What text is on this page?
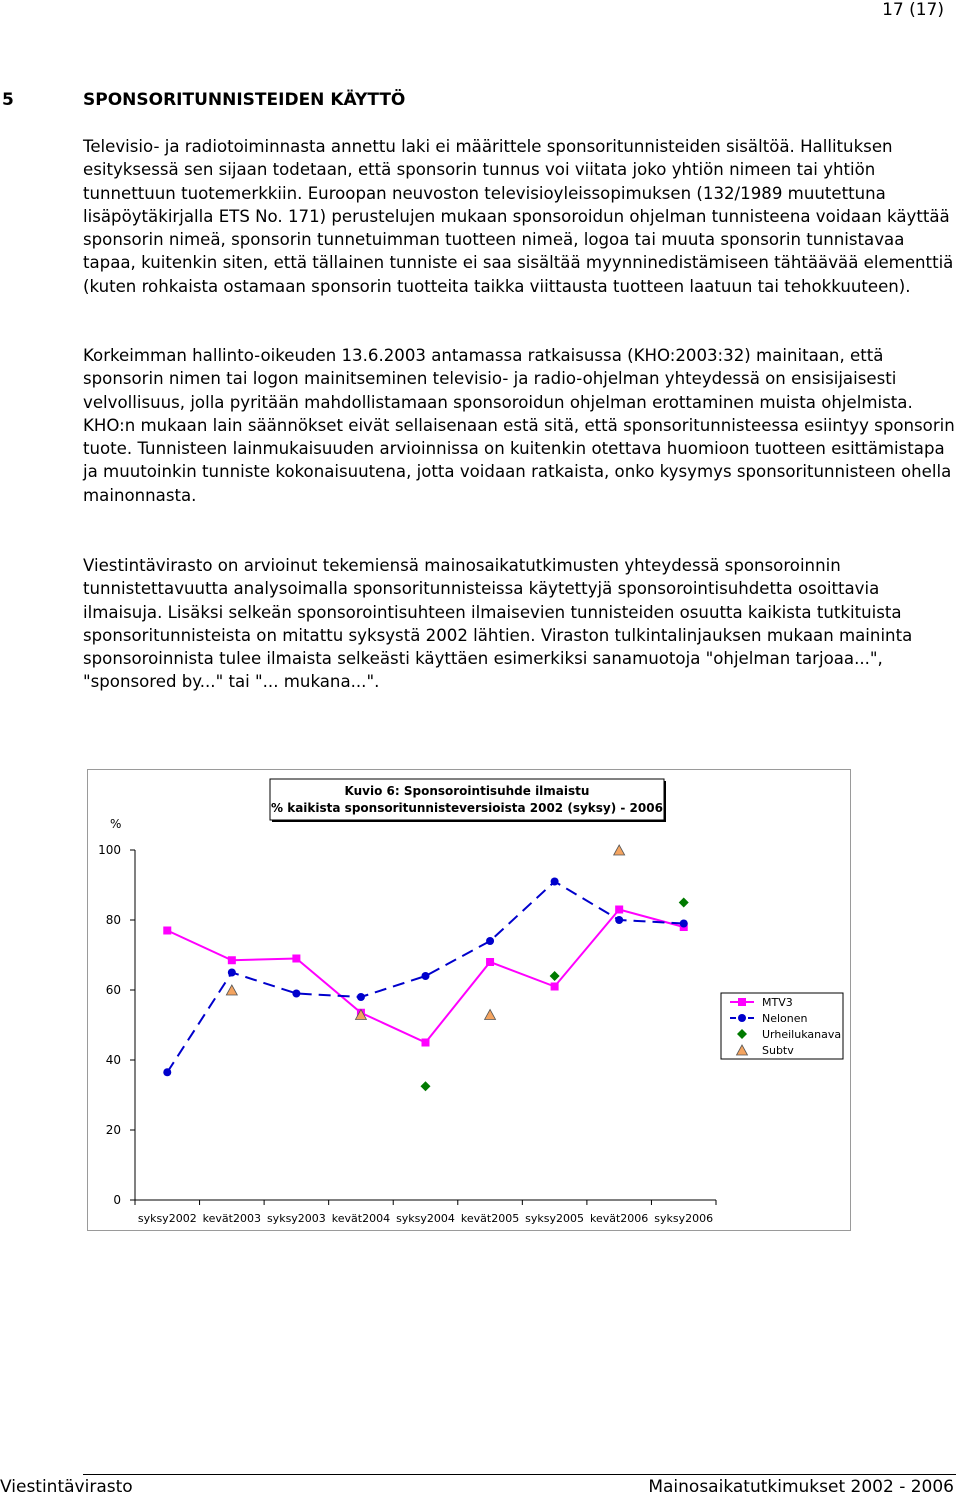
17 (17)
5	SPONSORITUNNISTEIDEN KÄYTTÖ
Televisio- ja radiotoiminnasta annettu laki ei määrittele sponsoritunnisteiden sisältöä. Hallituksen esityksessä sen sijaan todetaan, että sponsorin tunnus voi viitata joko yhtiön nimeen tai yhtiön tunnettuun tuotemerkkiin. Euroopan neuvoston televisioyleissopimuksen (132/1989 muutettuna lisäpöytäkirjalla ETS No. 171) perustelujen mukaan sponsoroidun ohjelman tunnisteena voidaan käyttää sponsorin nimeä, sponsorin tunnetuimman tuotteen nimeä, logoa tai muuta sponsorin tunnistavaa tapaa, kuitenkin siten, että tällainen tunniste ei saa sisältää myynninedistämiseen tähtäävää elementtiä (kuten rohkaista ostamaan sponsorin tuotteita taikka viittausta tuotteen laatuun tai tehokkuuteen).
Korkeimman hallinto-oikeuden 13.6.2003 antamassa ratkaisussa (KHO:2003:32) mainitaan, että sponsorin nimen tai logon mainitseminen televisio- ja radio-ohjelman yhteydessä on ensisijaisesti velvollisuus, jolla pyritään mahdollistamaan sponsoroidun ohjelman erottaminen muista ohjelmista. KHO:n mukaan lain säännökset eivät sellaisenaan estä sitä, että sponsoritunnisteessa esiintyy sponsorin tuote. Tunnisteen lainmukaisuuden arvioinnissa on kuitenkin otettava huomioon tuotteen esittämistapa ja muutoinkin tunniste kokonaisuutena, jotta voidaan ratkaista, onko kysymys sponsoritunnisteen ohella mainonnasta.
Viestintävirasto on arvioinut tekemiensä mainosaikatutkimusten yhteydessä sponsoroinnin tunnistettavuutta analysoimalla sponsoritunnisteissa käytettyjä sponsorointisuhdetta osoittavia ilmaisuja. Lisäksi selkeän sponsorointisuhteen ilmaisevien tunnisteiden osuutta kaikista tutkituista sponsoritunnisteista on mitattu syksystä 2002 lähtien. Viraston tulkintalinjauksen mukaan maininta sponsoroinnista tulee ilmaista selkeästi käyttäen esimerkiksi sanamuotoja "ohjelman tarjoaa...", "sponsored by..." tai "... mukana...".
Kuvio 6: Sponsorointisuhde ilmaistu
% kaikista sponsoritunnisteversioista 2002 (syksy) - 2006
%
0
20
40
60
80
100
syksy2002 kevät2003 syksy2003 kevät2004 syksy2004 kevät2005 syksy2005 kevät2006 syksy2006
MTV3
Nelonen
Urheilukanava
Subtv
Viestintävirasto	Mainosaikatutkimukset 2002 - 2006
